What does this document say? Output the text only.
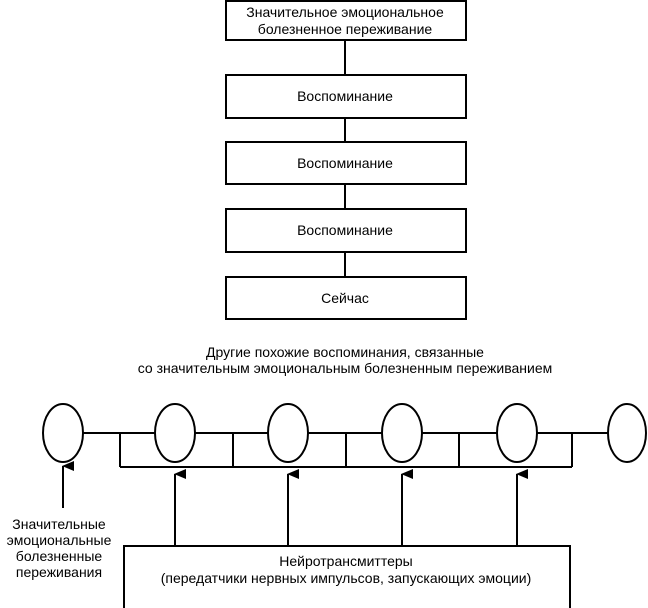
Значительное эмоциональное
болезненное переживание
Воспоминание
Воспоминание
Воспоминание
Сейчас
Другие похожие воспоминания, связанные
со значительным эмоциональным болезненным переживанием
Значительные
эмоциональные
болезненные
переживания
Нейротрансмиттеры
(передатчики нервных импульсов, запускающих эмоции)
